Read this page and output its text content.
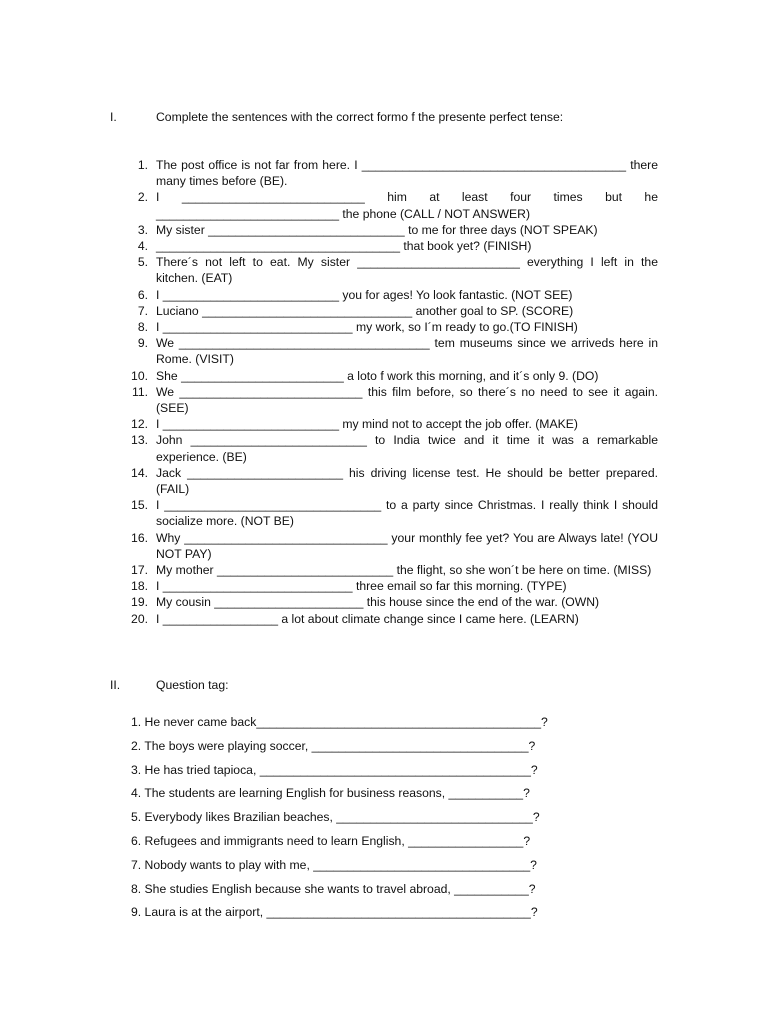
I.	Complete the sentences with the correct formo f the presente perfect tense:
1. The post office is not far from here. I _______________________________________ there many times before (BE).
2. I ___________________________ him at least four times but he ___________________________ the phone (CALL / NOT ANSWER)
3. My sister _____________________________ to me for three days (NOT SPEAK)
4. ____________________________________ that book yet? (FINISH)
5. There´s not left to eat. My sister ________________________ everything I left in the kitchen. (EAT)
6. I __________________________ you for ages! Yo look fantastic. (NOT SEE)
7. Luciano _______________________________ another goal to SP. (SCORE)
8. I ____________________________ my work, so I´m ready to go.(TO FINISH)
9. We _____________________________________ tem museums since we arriveds here in Rome. (VISIT)
10. She ________________________ a loto f work this morning, and it´s only 9. (DO)
11. We ___________________________ this film before, so there´s no need to see it again. (SEE)
12. I __________________________ my mind not to accept the job offer. (MAKE)
13. John __________________________ to India twice and it time it was a remarkable experience. (BE)
14. Jack _______________________ his driving license test. He should be better prepared. (FAIL)
15. I ________________________________ to a party since Christmas. I really think I should socialize more. (NOT BE)
16. Why ______________________________ your monthly fee yet? You are Always late! (YOU NOT PAY)
17. My mother __________________________ the flight, so she won´t be here on time. (MISS)
18. I ____________________________ three email so far this morning. (TYPE)
19. My cousin ______________________ this house since the end of the war. (OWN)
20. I _________________ a lot about climate change since I came here. (LEARN)
II.	Question tag:
1. He never came back__________________________________________?
2. The boys were playing soccer, ________________________________?
3. He has tried tapioca, ________________________________________?
4. The students are learning English for business reasons, ___________?
5. Everybody likes Brazilian beaches, _____________________________?
6. Refugees and immigrants need to learn English, _________________?
7. Nobody wants to play with me, ________________________________?
8. She studies English because she wants to travel abroad, ___________?
9. Laura is at the airport, _______________________________________?
